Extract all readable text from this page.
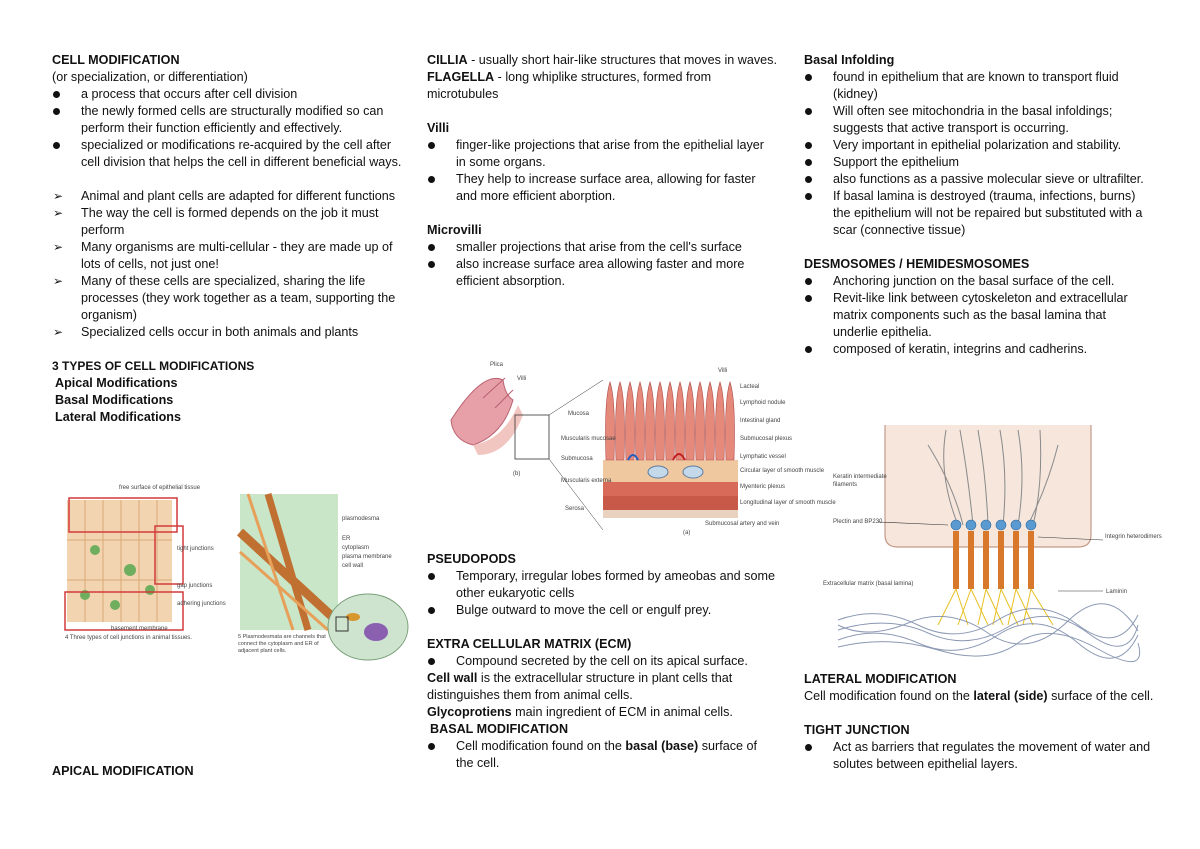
CELL MODIFICATION
(or specialization, or differentiation)
a process that occurs after cell division
the newly formed cells are structurally modified so can perform their function efficiently and effectively.
specialized or modifications re-acquired by the cell after cell division that helps the cell in different beneficial ways.
➢	Animal and plant cells are adapted for different functions
➢	The way the cell is formed depends on the job it must perform
➢	Many organisms are multi-cellular - they are made up of lots of cells, not just one!
➢	Many of these cells are specialized, sharing the life processes (they work together as a team, supporting the organism)
➢	Specialized cells occur in both animals and plants
3 TYPES OF CELL MODIFICATIONS
Apical Modifications
Basal Modifications
Lateral Modifications
free surface of epithelial tissue
tight junctions
gap junctions
adhering junctions
basement membrane
4 Three types of cell junctions in animal tissues.
plasmodesma
ER
cytoplasm
plasma membrane
cell wall
5 Plasmodesmata are channels that connect the cytoplasm and ER of adjacent plant cells.
APICAL MODIFICATION
CILLIA - usually short hair-like structures that moves in waves.
FLAGELLA - long whiplike structures, formed from microtubules
Villi
finger-like projections that arise from the epithelial layer in some organs.
They help to increase surface area, allowing for faster and more efficient aborption.
Microvilli
smaller projections that arise from the cell's surface
also increase surface area allowing faster and more efficient absorption.
Plica
Villi
Villi
(b)
(a)
Mucosa
Muscularis mucosae
Submucosa
Muscularis externa
Serosa
Lacteal
Lymphoid nodule
Intestinal gland
Submucosal plexus
Lymphatic vessel
Circular layer of smooth muscle
Myenteric plexus
Longitudinal layer of smooth muscle
Submucosal artery and vein
PSEUDOPODS
Temporary, irregular lobes formed by ameobas and some other eukaryotic cells
Bulge outward to move the cell or engulf prey.
EXTRA CELLULAR MATRIX (ECM)
Compound secreted by the cell on its apical surface.
Cell wall is the extracellular structure in plant cells that distinguishes them from animal cells.
Glycoprotiens main ingredient of ECM in animal cells.
BASAL MODIFICATION
Cell modification found on the basal (base) surface of the cell.
Basal Infolding
found in epithelium that are known to transport fluid (kidney)
Will often see mitochondria in the basal infoldings; suggests that active transport is occurring.
Very important in epithelial polarization and stability.
Support the epithelium
also functions as a passive molecular sieve or ultrafilter.
If basal lamina is destroyed (trauma, infections, burns) the epithelium will not be repaired but substituted with a scar (connective tissue)
DESMOSOMES / HEMIDESMOSOMES
Anchoring junction on the basal surface of the cell.
Revit-like link between cytoskeleton and extracellular matrix components such as the basal lamina that underlie epithelia.
composed of keratin, integrins and cadherins.
Keratin intermediate
Plectin and BP230
Integrin heterodimers
Extracellular matrix (basal lamina)
Laminin
filaments
LATERAL MODIFICATION
Cell modification found on the lateral (side) surface of the cell.
TIGHT JUNCTION
Act as barriers that regulates the movement of water and solutes between epithelial layers.
